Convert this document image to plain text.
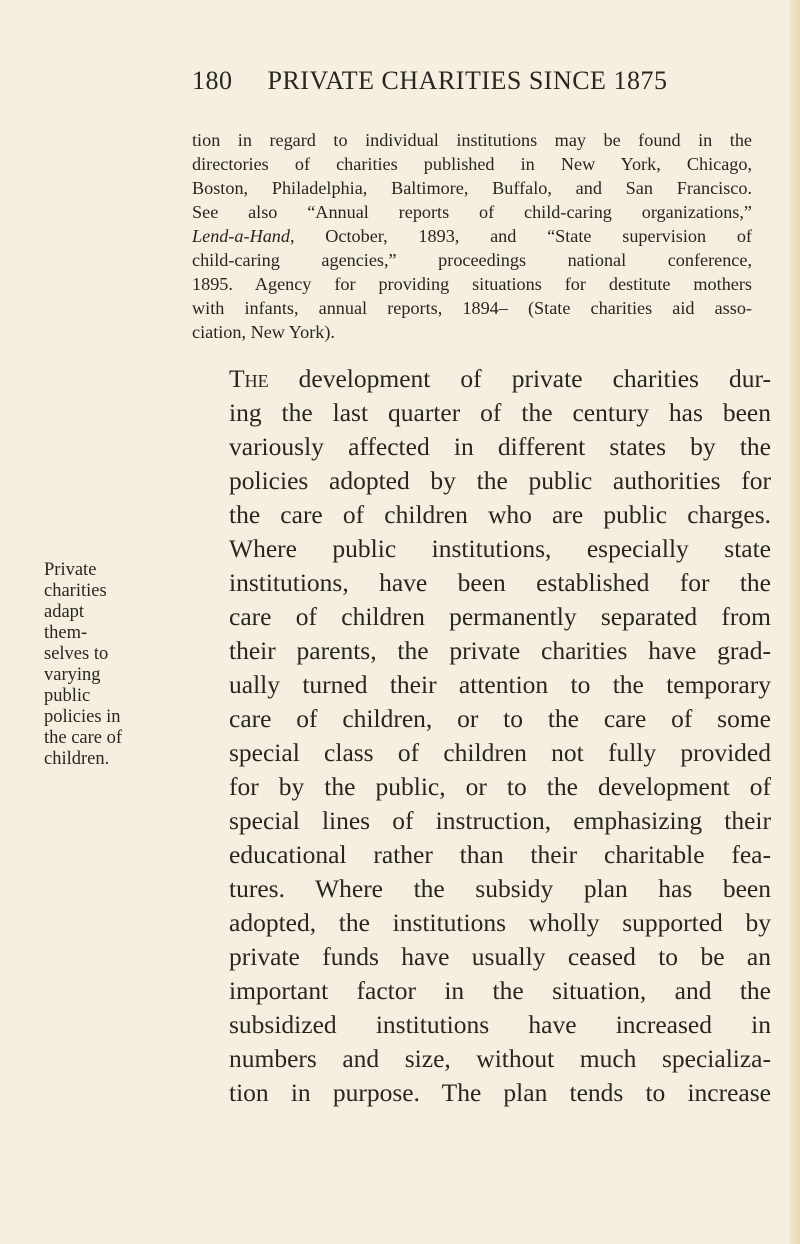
180 PRIVATE CHARITIES SINCE 1875
tion in regard to individual institutions may be found in the
directories of charities published in New York, Chicago,
Boston, Philadelphia, Baltimore, Buffalo, and San Francisco.
See also “Annual reports of child-caring organizations,”
Lend-a-Hand, October, 1893, and “State supervision of
child-caring agencies,” proceedings national conference,
1895. Agency for providing situations for destitute mothers
with infants, annual reports, 1894– (State charities aid asso-
ciation, New York).
Private
charities
adapt
them-
selves to
varying
public
policies in
the care of
children.
The development of private charities dur-
ing the last quarter of the century has been
variously affected in different states by the
policies adopted by the public authorities for
the care of children who are public charges.
Where public institutions, especially state
institutions, have been established for the
care of children permanently separated from
their parents, the private charities have grad-
ually turned their attention to the temporary
care of children, or to the care of some
special class of children not fully provided
for by the public, or to the development of
special lines of instruction, emphasizing their
educational rather than their charitable fea-
tures. Where the subsidy plan has been
adopted, the institutions wholly supported by
private funds have usually ceased to be an
important factor in the situation, and the
subsidized institutions have increased in
numbers and size, without much specializa-
tion in purpose. The plan tends to increase
